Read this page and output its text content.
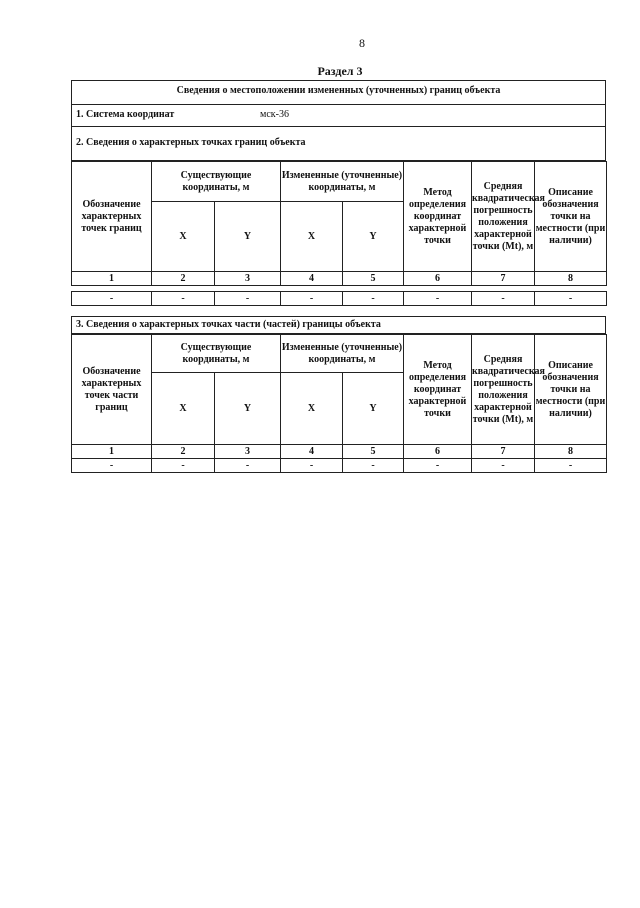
8
Раздел 3
Сведения о местоположении измененных (уточненных) границ объекта
1. Система координат	мск-36
2. Сведения о характерных точках границ объекта
Обозначение характерных точек границ	Существующие координаты, м		Измененные (уточненные) координаты, м		Метод определения координат характерной точки	Средняя квадратическая погрешность положения характерной точки (Mt), м	Описание обозначения точки на местности (при наличии)
	X	Y	X	Y			
1	2	3	4	5	6	7	8

-	-	-	-	-	-	-	-
3. Сведения о характерных точках части (частей) границы объекта
Обозначение характерных точек части границ	Существующие координаты, м		Измененные (уточненные) координаты, м		Метод определения координат характерной точки	Средняя квадратическая погрешность положения характерной точки (Mt), м	Описание обозначения точки на местности (при наличии)
	X	Y	X	Y			
1	2	3	4	5	6	7	8
-	-	-	-	-	-	-	-
